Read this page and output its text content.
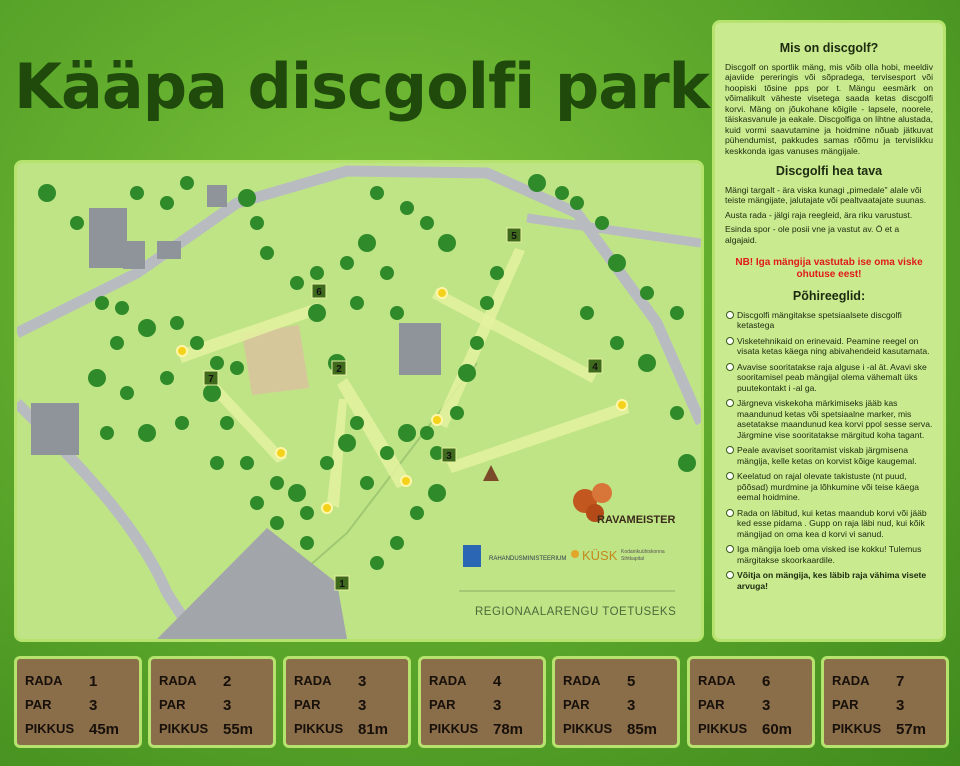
Kääpa discgolfi park
1
2
3
4
5
6
7
RAVAMEISTER
RAHANDUSMINISTEERIUM KÜSK Kodanikuühiskonna
Sihtkapital
REGIONAALARENGU TOETUSEKS
Mis on discgolf?

Discgolf on sportlik mäng, mis võib olla hobi, meeldiv ajaviide pereringis või sõpradega, tervisesport või hoopiski tõsine pps por t. Mängu eesmärk on võimalikult väheste visetega saada ketas discgolfi korvi. Mäng on jõukohane kõigile - lapsele, noorele, täiskasvanule ja eakale. Discgolfiga on lihtne alustada, kuid vormi saavutamine ja hoidmine nõuab jätkuvat pühendumist, pakkudes samas rõõmu ja tervislikku keskkonda igas vanuses mängijale.

Discgolfi hea tava

Mängi targalt - ära viska kunagi „pimedale" alale või teiste mängijate, jalutajate või pealtvaatajate suunas.

Austa rada - jälgi raja reegleid, ära riku varustust.

Esinda spor - ole posii vne ja vastut av. Ö et a algajaid.

NB! Iga mängija vastutab ise oma viske ohutuse eest!

Põhireeglid:
Discgolfi mängitakse spetsiaalsete discgolfi ketastega
Visketehnikaid on erinevaid. Peamine reegel on visata ketas käega ning abivahendeid kasutamata.
Avavise sooritatakse raja alguse i -al ät. Avavi ske sooritamisel peab mängijal olema vähemalt üks puutekontakt i -al ga.
Järgneva viskekoha märkimiseks jääb kas maandunud ketas või spetsiaalne marker, mis asetatakse maandunud kea korvi ppol sesse serva. Järgmine vise sooritatakse märgitud koha tagant.
Peale avaviset sooritamist viskab järgmisena mängija, kelle ketas on korvist kõige kaugemal.
Keelatud on rajal olevate takistuste (nt puud, põõsad) murdmine ja lõhkumine või teise käega eemal hoidmine.
Rada on läbitud, kui ketas maandub korvi või jääb ked esse pidama . Gupp on raja läbi nud, kui kõik mängijad on oma kea d korvi vi sanud.
Iga mängija loeb oma visked ise kokku! Tulemus märgitakse skoorkaardile.
Võitja on mängija, kes läbib raja vähima visete arvuga!
RADA 1
PAR	3
PIKKUS 45m
RADA 2
PAR	3
PIKKUS 55m
RADA 3
PAR	3
PIKKUS 81m
RADA 4
PAR	3
PIKKUS 78m
RADA 5
PAR	3
PIKKUS 85m
RADA 6
PAR	3
PIKKUS 60m
RADA 7
PAR	3
PIKKUS 57m
